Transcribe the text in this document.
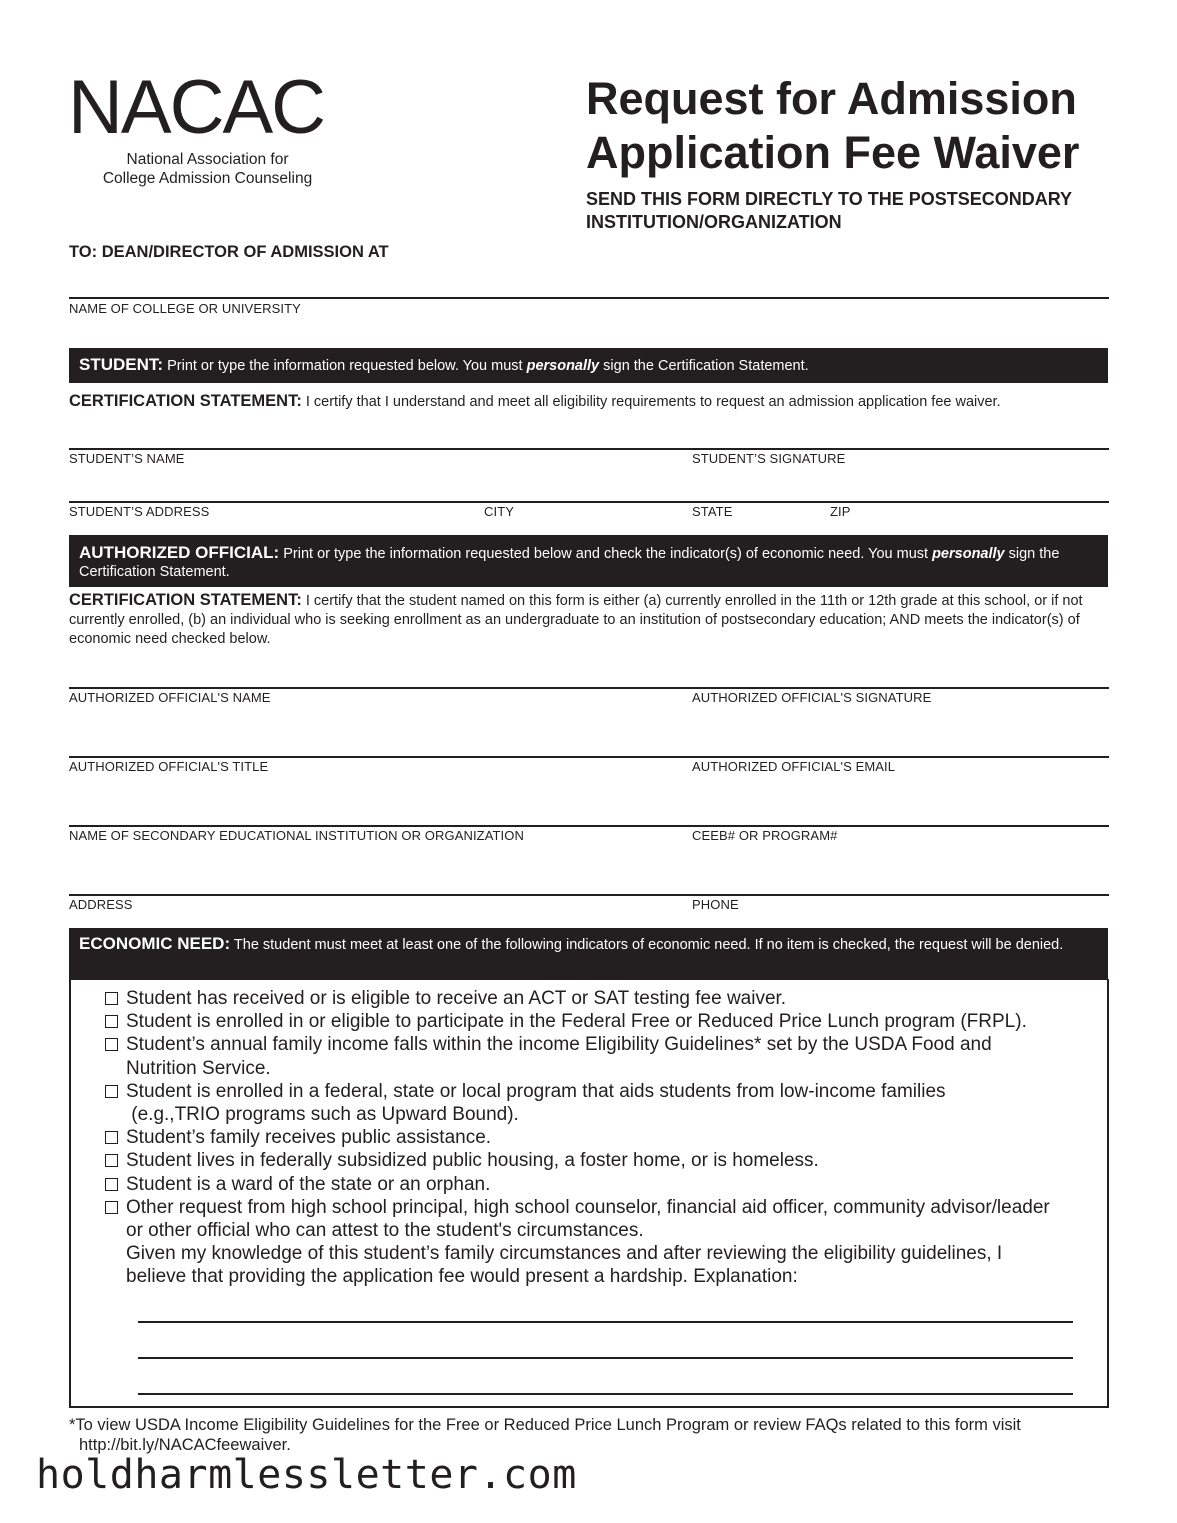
NACAC
National Association for
College Admission Counseling
Request for Admission
Application Fee Waiver
SEND THIS FORM DIRECTLY TO THE POSTSECONDARY
INSTITUTION/ORGANIZATION
TO: DEAN/DIRECTOR OF ADMISSION AT
NAME OF COLLEGE OR UNIVERSITY
STUDENT: Print or type the information requested below. You must personally sign the Certification Statement.
CERTIFICATION STATEMENT: I certify that I understand and meet all eligibility requirements to request an admission application fee waiver.
STUDENT’S NAME	STUDENT’S SIGNATURE
STUDENT’S ADDRESS	CITY	STATE	ZIP
AUTHORIZED OFFICIAL: Print or type the information requested below and check the indicator(s) of economic need. You must personally sign the Certification Statement.
CERTIFICATION STATEMENT: I certify that the student named on this form is either (a) currently enrolled in the 11th or 12th grade at this school, or if not currently enrolled, (b) an individual who is seeking enrollment as an undergraduate to an institution of postsecondary education; AND meets the indicator(s) of economic need checked below.
AUTHORIZED OFFICIAL'S NAME	AUTHORIZED OFFICIAL'S SIGNATURE
AUTHORIZED OFFICIAL'S TITLE	AUTHORIZED OFFICIAL'S EMAIL
NAME OF SECONDARY EDUCATIONAL INSTITUTION OR ORGANIZATION	CEEB# OR PROGRAM#
ADDRESS	PHONE
ECONOMIC NEED: The student must meet at least one of the following indicators of economic need. If no item is checked, the request will be denied.
Student has received or is eligible to receive an ACT or SAT testing fee waiver.
Student is enrolled in or eligible to participate in the Federal Free or Reduced Price Lunch program (FRPL).
Student’s annual family income falls within the income Eligibility Guidelines* set by the USDA Food and
Nutrition Service.
Student is enrolled in a federal, state or local program that aids students from low-income families
(e.g.,TRIO programs such as Upward Bound).
Student’s family receives public assistance.
Student lives in federally subsidized public housing, a foster home, or is homeless.
Student is a ward of the state or an orphan.
Other request from high school principal, high school counselor, financial aid officer, community advisor/leader
or other official who can attest to the student's circumstances.
Given my knowledge of this student’s family circumstances and after reviewing the eligibility guidelines, I
believe that providing the application fee would present a hardship. Explanation:
*To view USDA Income Eligibility Guidelines for the Free or Reduced Price Lunch Program or review FAQs related to this form visit
http://bit.ly/NACACfeewaiver.
holdharmlessletter.com
